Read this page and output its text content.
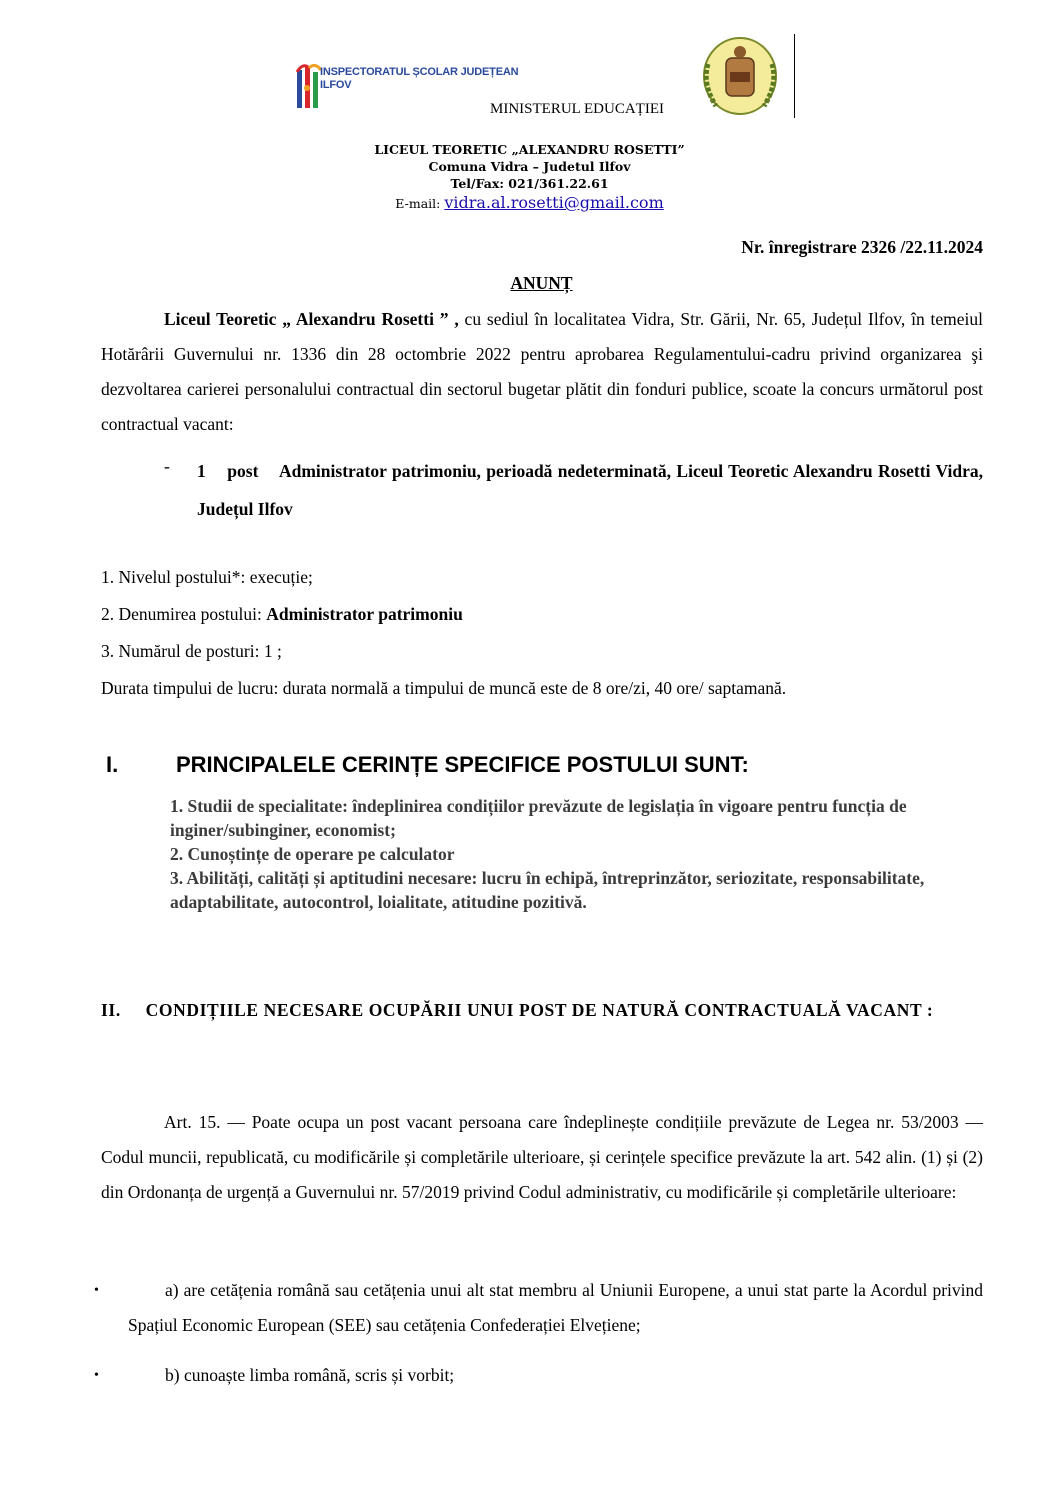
INSPECTORATUL ȘCOLAR JUDEȚEAN
ILFOV
MINISTERUL EDUCAȚIEI
LICEUL TEORETIC „ALEXANDRU ROSETTI”
Comuna Vidra – Judetul Ilfov
Tel/Fax: 021/361.22.61
E-mail: vidra.al.rosetti@gmail.com
Nr. înregistrare 2326 /22.11.2024
ANUNȚ
Liceul Teoretic „ Alexandru Rosetti ” , cu sediul în localitatea Vidra, Str. Gării, Nr. 65, Județul Ilfov, în temeiul Hotărârii Guvernului nr. 1336 din 28 octombrie 2022 pentru aprobarea Regulamentului-cadru privind organizarea şi dezvoltarea carierei personalului contractual din sectorul bugetar plătit din fonduri publice, scoate la concurs următorul post contractual vacant:
- 1    post    Administrator patrimoniu, perioadă nedeterminată, Liceul Teoretic Alexandru Rosetti Vidra, Județul Ilfov
1. Nivelul postului*: execuție;
2. Denumirea postului: Administrator patrimoniu
3. Numărul de posturi: 1 ;
Durata timpului de lucru: durata normală a timpului de muncă este de 8 ore/zi, 40 ore/ saptamană.
I.	PRINCIPALELE CERINȚE SPECIFICE POSTULUI SUNT:
1. Studii de specialitate: îndeplinirea condițiilor prevăzute de legislația în vigoare pentru funcția de inginer/subinginer, economist;
2. Cunoștințe de operare pe calculator
3. Abilități, calități și aptitudini necesare: lucru în echipă, întreprinzător, seriozitate, responsabilitate, adaptabilitate, autocontrol, loialitate, atitudine pozitivă.
II.     CONDIȚIILE NECESARE OCUPĂRII UNUI POST DE NATURĂ CONTRACTUALĂ VACANT :
Art. 15. — Poate ocupa un post vacant persoana care îndeplinește condițiile prevăzute de Legea nr. 53/2003 — Codul muncii, republicată, cu modificările și completările ulterioare, și cerințele specifice prevăzute la art. 542 alin. (1) și (2) din Ordonanța de urgență a Guvernului nr. 57/2019 privind Codul administrativ, cu modificările și completările ulterioare:
•	a) are cetățenia română sau cetățenia unui alt stat membru al Uniunii Europene, a unui stat parte la Acordul privind Spațiul Economic European (SEE) sau cetățenia Confederației Elvețiene;
•	b) cunoaște limba română, scris și vorbit;
